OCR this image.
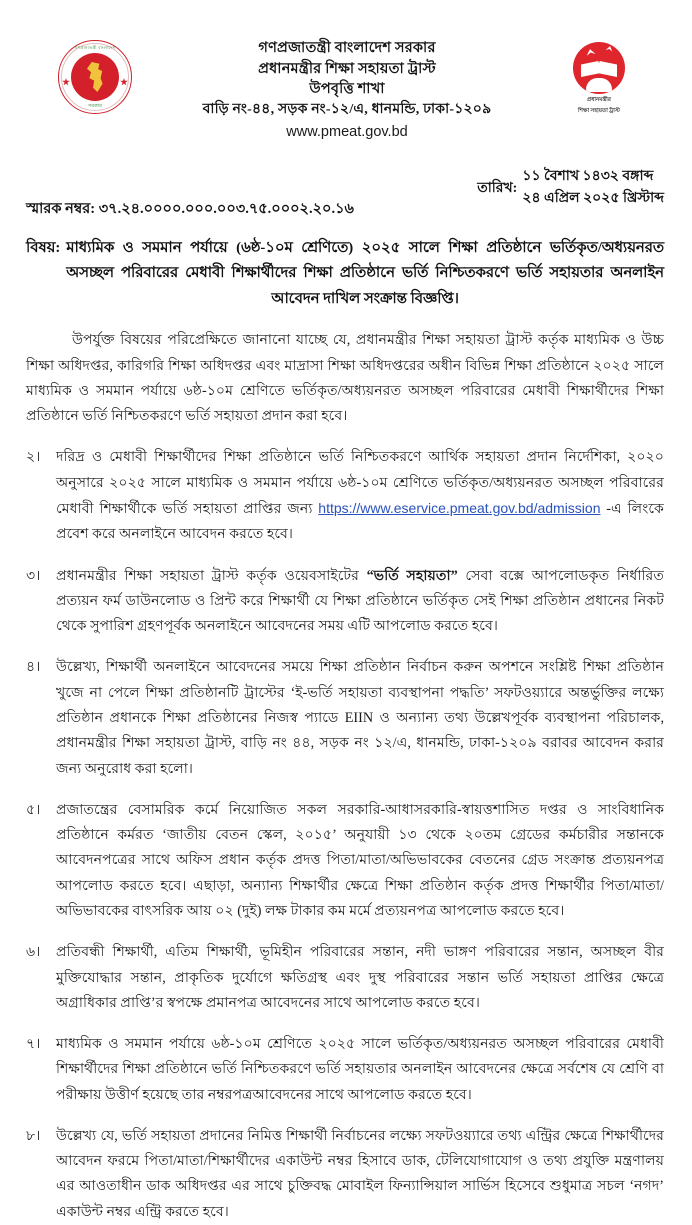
গণপ্রজাতন্ত্রী বাংলাদেশ
সরকার
গণপ্রজাতন্ত্রী বাংলাদেশ সরকার
প্রধানমন্ত্রীর শিক্ষা সহায়তা ট্রাস্ট
উপবৃত্তি শাখা
বাড়ি নং-৪৪, সড়ক নং-১২/এ, ধানমন্ডি, ঢাকা-১২০৯
www.pmeat.gov.bd
প্রধানমন্ত্রীর
শিক্ষা সহায়তা ট্রাস্ট
স্মারক নম্বর: ৩৭.২৪.০০০০.০০০.০০৩.৭৫.০০০২.২০.১৬
তারিখ:
১১ বৈশাখ ১৪৩২ বঙ্গাব্দ
২৪ এপ্রিল ২০২৫ খ্রিস্টাব্দ
বিষয়: মাধ্যমিক ও সমমান পর্যায়ে (৬ষ্ঠ-১০ম শ্রেণিতে) ২০২৫ সালে শিক্ষা প্রতিষ্ঠানে ভর্তিকৃত/অধ্যয়নরত অসচ্ছল পরিবারের মেধাবী শিক্ষার্থীদের শিক্ষা প্রতিষ্ঠানে ভর্তি নিশ্চিতকরণে ভর্তি সহায়তার অনলাইন আবেদন দাখিল সংক্রান্ত বিজ্ঞপ্তি।
উপর্যুক্ত বিষয়ের পরিপ্রেক্ষিতে জানানো যাচ্ছে যে, প্রধানমন্ত্রীর শিক্ষা সহায়তা ট্রাস্ট কর্তৃক মাধ্যমিক ও উচ্চ শিক্ষা অধিদপ্তর, কারিগরি শিক্ষা অধিদপ্তর এবং মাদ্রাসা শিক্ষা অধিদপ্তরের অধীন বিভিন্ন শিক্ষা প্রতিষ্ঠানে ২০২৫ সালে মাধ্যমিক ও সমমান পর্যায়ে ৬ষ্ঠ-১০ম শ্রেণিতে ভর্তিকৃত/অধ্যয়নরত অসচ্ছল পরিবারের মেধাবী শিক্ষার্থীদের শিক্ষা প্রতিষ্ঠানে ভর্তি নিশ্চিতকরণে ভর্তি সহায়তা প্রদান করা হবে।
২।	দরিদ্র ও মেধাবী শিক্ষার্থীদের শিক্ষা প্রতিষ্ঠানে ভর্তি নিশ্চিতকরণে আর্থিক সহায়তা প্রদান নির্দেশিকা, ২০২০ অনুসারে ২০২৫ সালে মাধ্যমিক ও সমমান পর্যায়ে ৬ষ্ঠ-১০ম শ্রেণিতে ভর্তিকৃত/অধ্যয়নরত অসচ্ছল পরিবারের মেধাবী শিক্ষার্থীকে ভর্তি সহায়তা প্রাপ্তির জন্য https://www.eservice.pmeat.gov.bd/admission -এ লিংকে প্রবেশ করে অনলাইনে আবেদন করতে হবে।
৩।	প্রধানমন্ত্রীর শিক্ষা সহায়তা ট্রাস্ট কর্তৃক ওয়েবসাইটের “ভর্তি সহায়তা” সেবা বক্সে আপলোডকৃত নির্ধারিত প্রত্যয়ন ফর্ম ডাউনলোড ও প্রিন্ট করে শিক্ষার্থী যে শিক্ষা প্রতিষ্ঠানে ভর্তিকৃত সেই শিক্ষা প্রতিষ্ঠান প্রধানের নিকট থেকে সুপারিশ গ্রহণপূর্বক অনলাইনে আবেদনের সময় এটি আপলোড করতে হবে।
৪।	উল্লেখ্য, শিক্ষার্থী অনলাইনে আবেদনের সময়ে শিক্ষা প্রতিষ্ঠান নির্বাচন করুন অপশনে সংশ্লিষ্ট শিক্ষা প্রতিষ্ঠান খুজে না পেলে শিক্ষা প্রতিষ্ঠানটি ট্রাস্টের ‘ই-ভর্তি সহায়তা ব্যবস্থাপনা পদ্ধতি’ সফটওয়্যারে অন্তর্ভুক্তির লক্ষ্যে প্রতিষ্ঠান প্রধানকে শিক্ষা প্রতিষ্ঠানের নিজস্ব প্যাডে EIIN ও অন্যান্য তথ্য উল্লেখপূর্বক ব্যবস্থাপনা পরিচালক, প্রধানমন্ত্রীর শিক্ষা সহায়তা ট্রাস্ট, বাড়ি নং ৪৪, সড়ক নং ১২/এ, ধানমন্ডি, ঢাকা-১২০৯ বরাবর আবেদন করার জন্য অনুরোধ করা হলো।
৫।	প্রজাতন্ত্রের বেসামরিক কর্মে নিয়োজিত সকল সরকারি-আধাসরকারি-স্বায়ত্তশাসিত দপ্তর ও সাংবিধানিক প্রতিষ্ঠানে কর্মরত ‘জাতীয় বেতন স্কেল, ২০১৫’ অনুযায়ী ১৩ থেকে ২০তম গ্রেডের কর্মচারীর সন্তানকে আবেদনপত্রের সাথে অফিস প্রধান কর্তৃক প্রদত্ত পিতা/মাতা/অভিভাবকের বেতনের গ্রেড সংক্রান্ত প্রত্যয়নপত্র আপলোড করতে হবে। এছাড়া, অন্যান্য শিক্ষার্থীর ক্ষেত্রে শিক্ষা প্রতিষ্ঠান কর্তৃক প্রদত্ত শিক্ষার্থীর পিতা/মাতা/অভিভাবকের বাৎসরিক আয় ০২ (দুই) লক্ষ টাকার কম মর্মে প্রত্যয়নপত্র আপলোড করতে হবে।
৬।	প্রতিবন্ধী শিক্ষার্থী, এতিম শিক্ষার্থী, ভূমিহীন পরিবারের সন্তান, নদী ভাঙ্গণ পরিবারের সন্তান, অসচ্ছল বীর মুক্তিযোদ্ধার সন্তান, প্রাকৃতিক দুর্যোগে ক্ষতিগ্রস্থ এবং দুস্থ পরিবারের সন্তান ভর্তি সহায়তা প্রাপ্তির ক্ষেত্রে অগ্রাধিকার প্রাপ্তি’র স্বপক্ষে প্রমানপত্র আবেদনের সাথে আপলোড করতে হবে।
৭।	মাধ্যমিক ও সমমান পর্যায়ে ৬ষ্ঠ-১০ম শ্রেণিতে ২০২৫ সালে ভর্তিকৃত/অধ্যয়নরত অসচ্ছল পরিবারের মেধাবী শিক্ষার্থীদের শিক্ষা প্রতিষ্ঠানে ভর্তি নিশ্চিতকরণে ভর্তি সহায়তার অনলাইন আবেদনের ক্ষেত্রে সর্বশেষ যে শ্রেণি বা পরীক্ষায় উত্তীর্ণ হয়েছে তার নম্বরপত্রআবেদনের সাথে আপলোড করতে হবে।
৮।	উল্লেখ্য যে, ভর্তি সহায়তা প্রদানের নিমিত্ত শিক্ষার্থী নির্বাচনের লক্ষ্যে সফটওয়্যারে তথ্য এন্ট্রির ক্ষেত্রে শিক্ষার্থীদের আবেদন ফরমে পিতা/মাতা/শিক্ষার্থীদের একাউন্ট নম্বর হিসাবে ডাক, টেলিযোগাযোগ ও তথ্য প্রযুক্তি মন্ত্রণালয় এর আওতাধীন ডাক অধিদপ্তর এর সাথে চুক্তিবদ্ধ মোবাইল ফিন্যান্সিয়াল সার্ভিস হিসেবে শুধুমাত্র সচল ‘নগদ’ একাউন্ট নম্বর এন্ট্রি করতে হবে।
